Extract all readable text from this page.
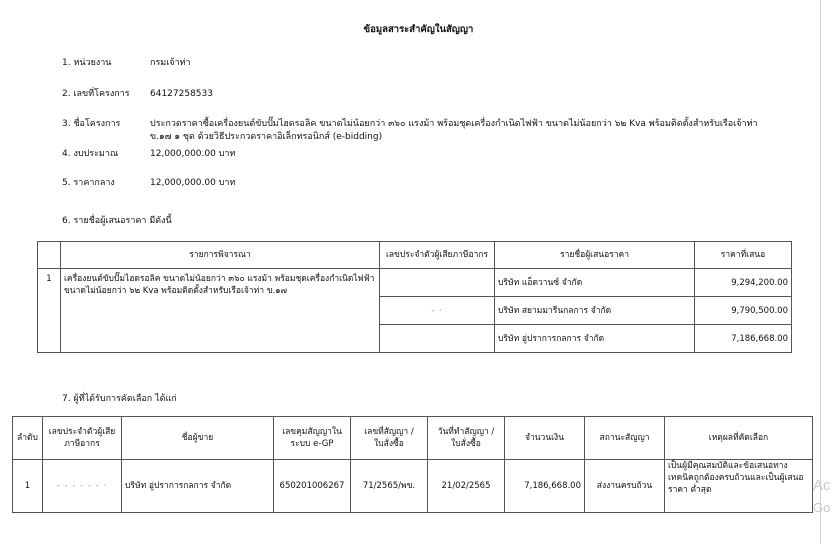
ข้อมูลสาระสำคัญในสัญญา
1. หน่วยงาน	กรมเจ้าท่า
2. เลขที่โครงการ 64127258533
3. ชื่อโครงการ	ประกวดราคาซื้อเครื่องยนต์ขับปั๊มไฮดรอลิค ขนาดไม่น้อยกว่า ๓๖๐ แรงม้า พร้อมชุดเครื่องกำเนิดไฟฟ้า ขนาดไม่น้อยกว่า ๖๒ Kva พร้อมติดตั้งสำหรับเรือเจ้าท่า ข.๑๗ ๑ ชุด ด้วยวิธีประกวดราคาอิเล็กทรอนิกส์ (e-bidding)
4. งบประมาณ	12,000,000.00 บาท
5. ราคากลาง	12,000,000.00 บาท
6. รายชื่อผู้เสนอราคา มีดังนี้
	รายการพิจารณา	เลขประจำตัวผู้เสียภาษีอากร	รายชื่อผู้เสนอราคา	ราคาที่เสนอ
1	เครื่องยนต์ขับปั๊มไฮดรอลิค ขนาดไม่น้อยกว่า ๓๖๐ แรงม้า พร้อมชุดเครื่องกำเนิดไฟฟ้า ขนาดไม่น้อยกว่า ๖๒ Kva พร้อมติดตั้งสำหรับเรือเจ้าท่า ข.๑๗		บริษัท แอ็ดวานซ์ จำกัด	9,294,200.00
		- ·	บริษัท สยามมารีนกลการ จำกัด	9,790,500.00
			บริษัท อู่ปราการกลการ จำกัด	7,186,668.00
7. ผู้ที่ได้รับการคัดเลือก ได้แก่
ลำดับ	เลขประจำตัวผู้เสียภาษีอากร	ชื่อผู้ขาย	เลขคุมสัญญาในระบบ e-GP	เลขที่สัญญา / ใบสั่งซื้อ	วันที่ทำสัญญา / ใบสั่งซื้อ	จำนวนเงิน	สถานะสัญญา	เหตุผลที่คัดเลือก
1	- - - - - - ·	บริษัท อู่ปราการกลการ จำกัด	650201006267	71/2565/พข.	21/02/2565	7,186,668.00	ส่งงานครบถ้วน	เป็นผู้มีคุณสมบัติและข้อเสนอทางเทคนิคถูกต้องครบถ้วนและเป็นผู้เสนอราคา ต่ำสุด	Ac
Go
